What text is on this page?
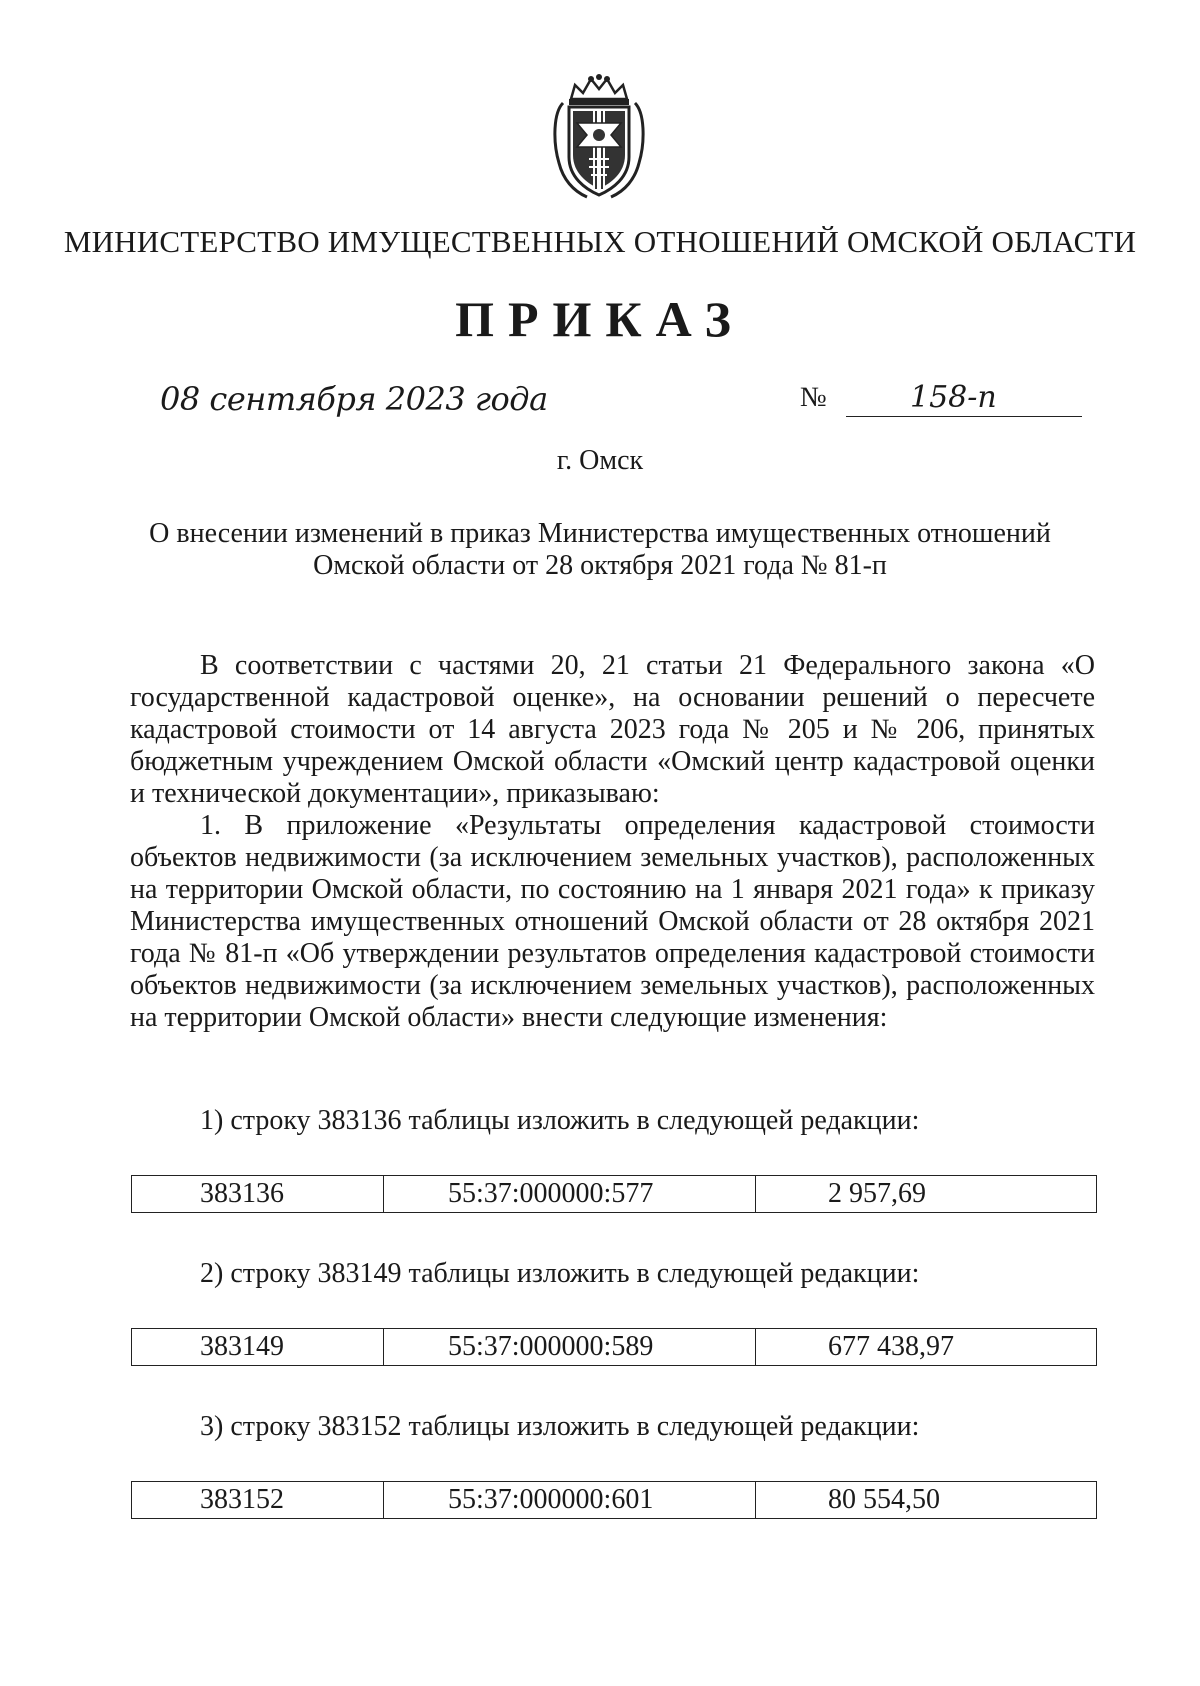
МИНИСТЕРСТВО ИМУЩЕСТВЕННЫХ ОТНОШЕНИЙ ОМСКОЙ ОБЛАСТИ
ПРИКАЗ
08 сентября 2023 года	№	158-п
г. Омск
О внесении изменений в приказ Министерства имущественных отношений
Омской области от 28 октября 2021 года № 81-п

В соответствии с частями 20, 21 статьи 21 Федерального закона «О государственной кадастровой оценке», на основании решений о пересчете кадастровой стоимости от 14 августа 2023 года № 205 и № 206, принятых бюджетным учреждением Омской области «Омский центр кадастровой оценки и технической документации», приказываю:

1. В приложение «Результаты определения кадастровой стоимости объектов недвижимости (за исключением земельных участков), расположенных на территории Омской области, по состоянию на 1 января 2021 года» к приказу Министерства имущественных отношений Омской области от 28 октября 2021 года № 81-п «Об утверждении результатов определения кадастровой стоимости объектов недвижимости (за исключением земельных участков), расположенных на территории Омской области» внести следующие изменения:

1) строку 383136 таблицы изложить в следующей редакции:
383136	55:37:000000:577	2 957,69
2) строку 383149 таблицы изложить в следующей редакции:
383149	55:37:000000:589	677 438,97
3) строку 383152 таблицы изложить в следующей редакции:
383152	55:37:000000:601	80 554,50
